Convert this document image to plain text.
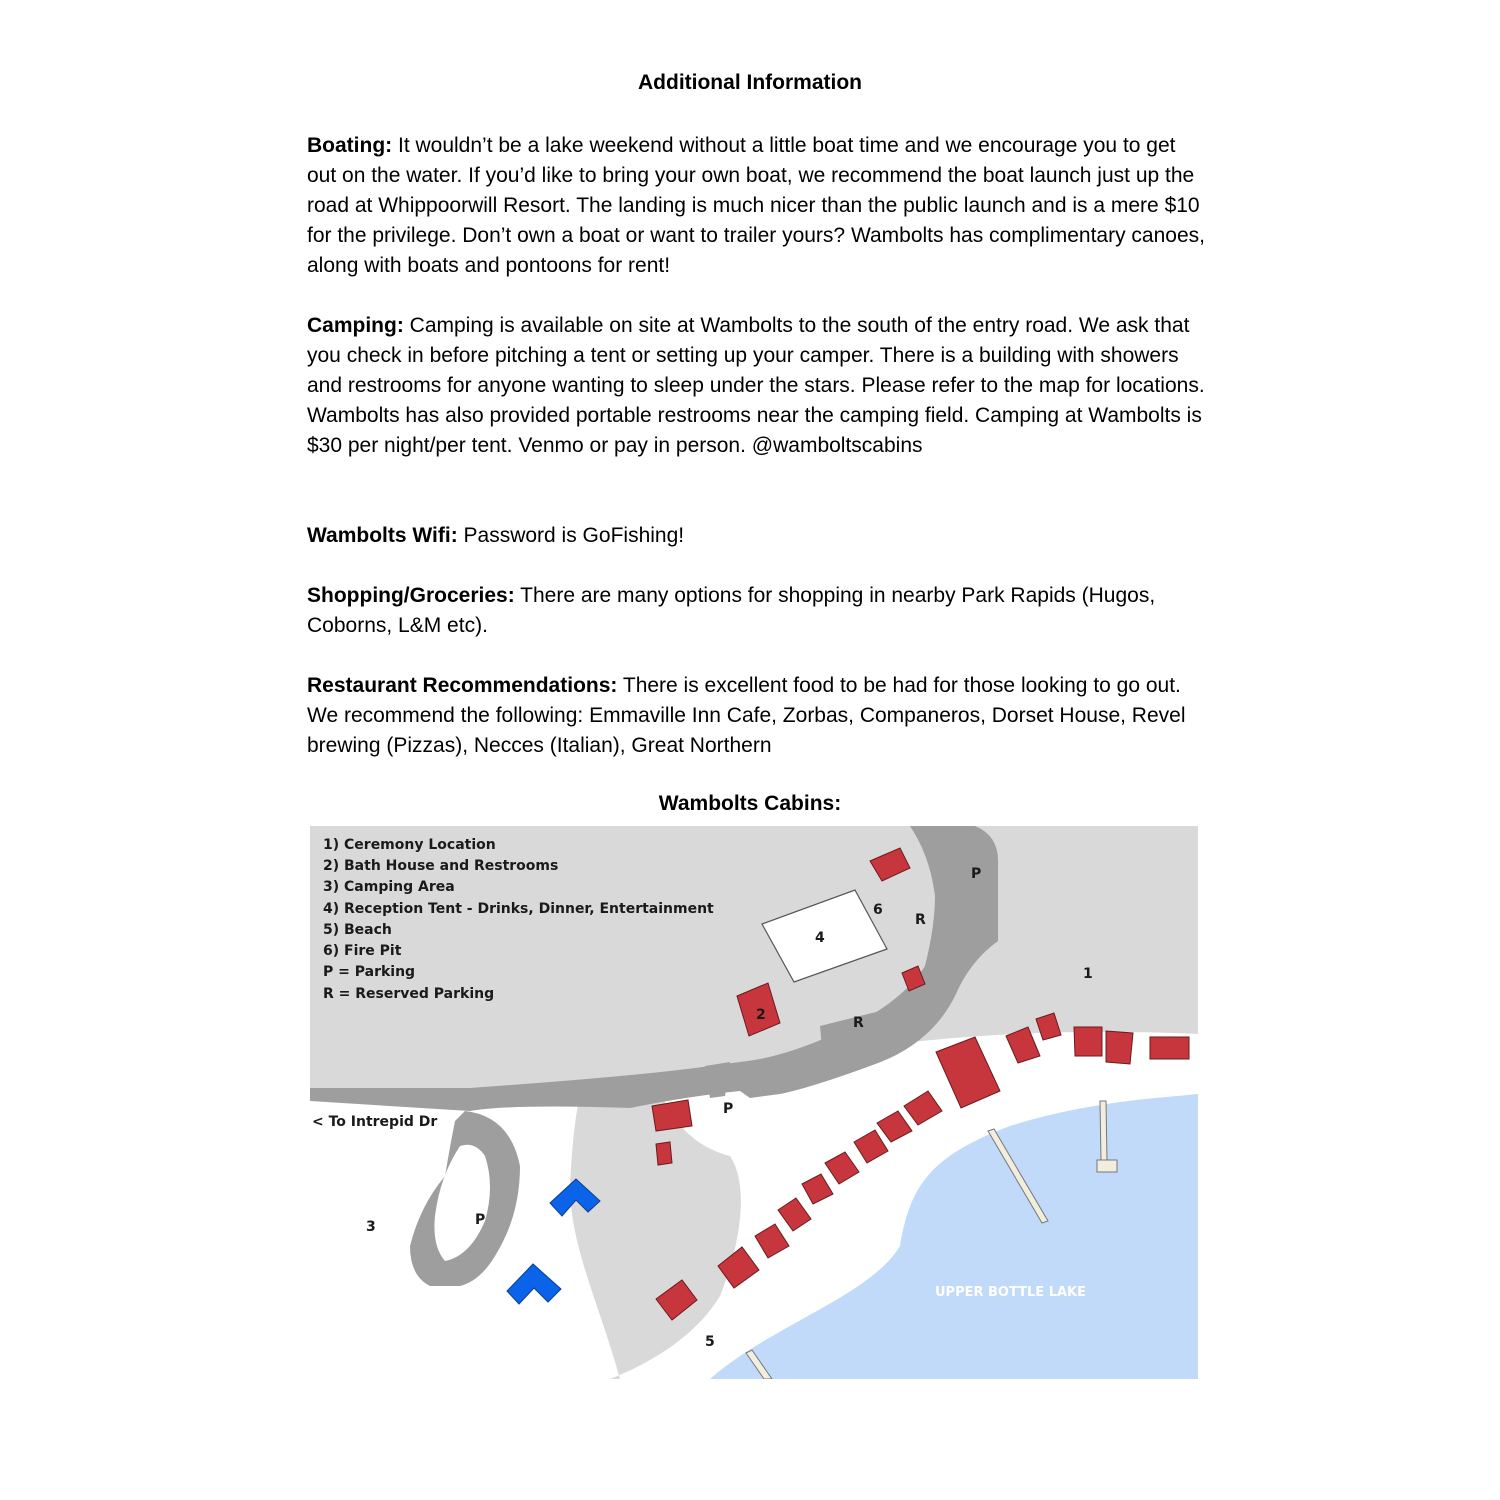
Additional Information

Boating: It wouldn’t be a lake weekend without a little boat time and we encourage you to get out on the water. If you’d like to bring your own boat, we recommend the boat launch just up the road at Whippoorwill Resort. The landing is much nicer than the public launch and is a mere $10 for the privilege. Don’t own a boat or want to trailer yours? Wambolts has complimentary canoes, along with boats and pontoons for rent!

Camping: Camping is available on site at Wambolts to the south of the entry road. We ask that you check in before pitching a tent or setting up your camper. There is a building with showers and restrooms for anyone wanting to sleep under the stars. Please refer to the map for locations. Wambolts has also provided portable restrooms near the camping field. Camping at Wambolts is $30 per night/per tent. Venmo or pay in person. @wamboltscabins

Wambolts Wifi: Password is GoFishing!

Shopping/Groceries: There are many options for shopping in nearby Park Rapids (Hugos, Coborns, L&M etc).

Restaurant Recommendations: There is excellent food to be had for those looking to go out. We recommend the following: Emmaville Inn Cafe, Zorbas, Companeros, Dorset House, Revel brewing (Pizzas), Necces (Italian), Great Northern

Wambolts Cabins:
1) Ceremony Location
2) Bath House and Restrooms
3) Camping Area
4) Reception Tent - Drinks, Dinner, Entertainment
5) Beach
6) Fire Pit
P = Parking
R = Reserved Parking
1
2
3
4
5
6
P
P
P
R
R
< To Intrepid Dr
UPPER BOTTLE LAKE
